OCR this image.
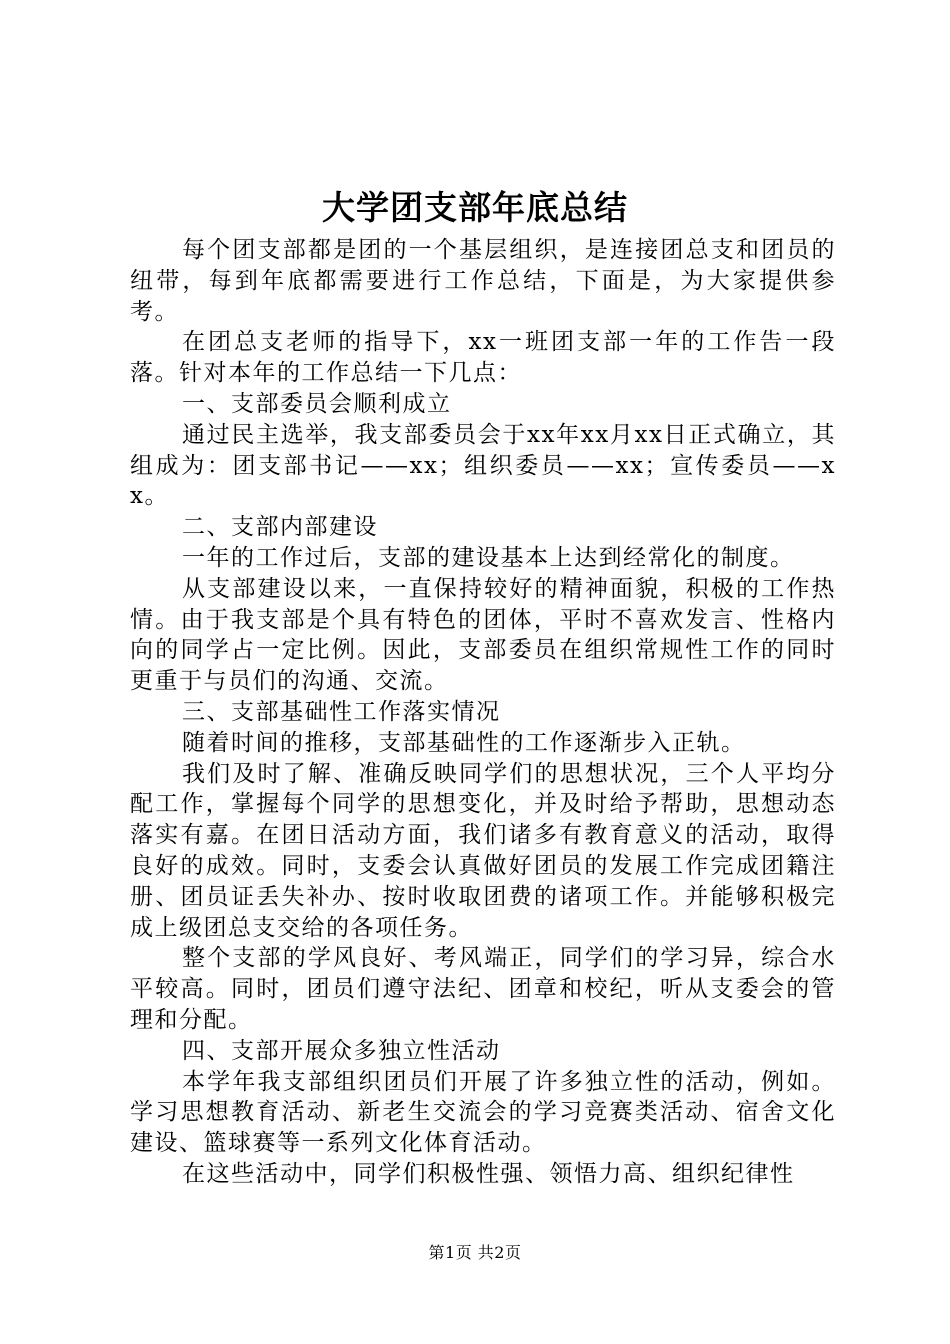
大学团支部年底总结

每个团支部都是团的一个基层组织，是连接团总支和团员的纽带，每到年底都需要进行工作总结，下面是，为大家提供参考。

在团总支老师的指导下，xx一班团支部一年的工作告一段落。针对本年的工作总结一下几点：

一、支部委员会顺利成立

通过民主选举，我支部委员会于xx年xx月xx日正式确立，其组成为：团支部书记——xx；组织委员——xx；宣传委员——xx。

二、支部内部建设

一年的工作过后，支部的建设基本上达到经常化的制度。

从支部建设以来，一直保持较好的精神面貌，积极的工作热情。由于我支部是个具有特色的团体，平时不喜欢发言、性格内向的同学占一定比例。因此，支部委员在组织常规性工作的同时更重于与员们的沟通、交流。

三、支部基础性工作落实情况

随着时间的推移，支部基础性的工作逐渐步入正轨。

我们及时了解、准确反映同学们的思想状况，三个人平均分配工作，掌握每个同学的思想变化，并及时给予帮助，思想动态落实有嘉。在团日活动方面，我们诸多有教育意义的活动，取得良好的成效。同时，支委会认真做好团员的发展工作完成团籍注册、团员证丢失补办、按时收取团费的诸项工作。并能够积极完成上级团总支交给的各项任务。

整个支部的学风良好、考风端正，同学们的学习异，综合水平较高。同时，团员们遵守法纪、团章和校纪，听从支委会的管理和分配。

四、支部开展众多独立性活动

本学年我支部组织团员们开展了许多独立性的活动，例如。学习思想教育活动、新老生交流会的学习竞赛类活动、宿舍文化建设、篮球赛等一系列文化体育活动。

在这些活动中，同学们积极性强、领悟力高、组织纪律性

第1页 共2页
